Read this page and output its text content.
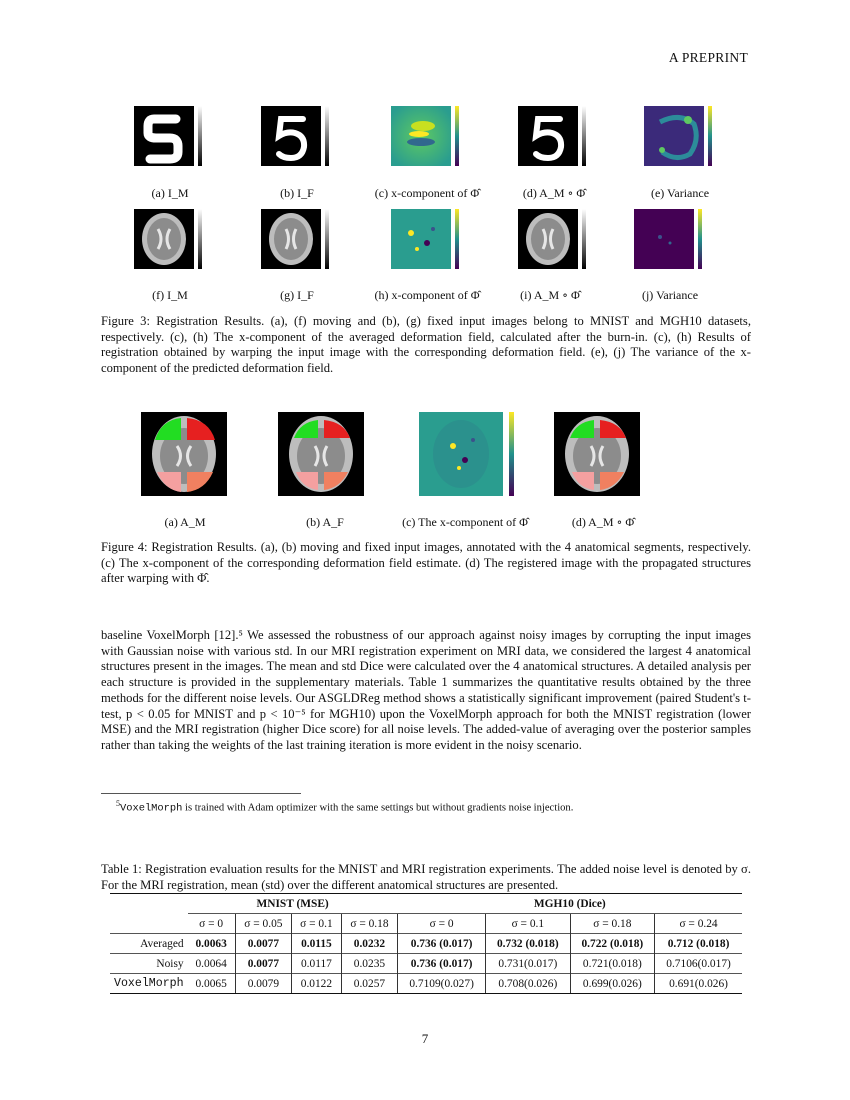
A PREPRINT
(a) I_M	(b) I_F	(c) x-component of Φ̂	(d) A_M ∘ Φ̂	(e) Variance
(f) I_M	(g) I_F	(h) x-component of Φ̂	(i) A_M ∘ Φ̂	(j) Variance
Figure 3: Registration Results. (a), (f) moving and (b), (g) fixed input images belong to MNIST and MGH10 datasets, respectively. (c), (h) The x-component of the averaged deformation field, calculated after the burn-in. (c), (h) Results of registration obtained by warping the input image with the corresponding deformation field. (e), (j) The variance of the x-component of the predicted deformation field.
(a) A_M	(b) A_F	(c) The x-component of Φ̂	(d) A_M ∘ Φ̂
Figure 4: Registration Results. (a), (b) moving and fixed input images, annotated with the 4 anatomical segments, respectively. (c) The x-component of the corresponding deformation field estimate. (d) The registered image with the propagated structures after warping with Φ̂.
baseline VoxelMorph [12].⁵ We assessed the robustness of our approach against noisy images by corrupting the input images with Gaussian noise with various std. In our MRI registration experiment on MRI data, we considered the largest 4 anatomical structures present in the images. The mean and std Dice were calculated over the 4 anatomical structures. A detailed analysis per each structure is provided in the supplementary materials. Table 1 summarizes the quantitative results obtained by the three methods for the different noise levels. Our ASGLDReg method shows a statistically significant improvement (paired Student's t-test, p < 0.05 for MNIST and p < 10⁻⁵ for MGH10) upon the VoxelMorph approach for both the MNIST registration (lower MSE) and the MRI registration (higher Dice score) for all noise levels. The added-value of averaging over the posterior samples rather than taking the weights of the last training iteration is more evident in the noisy scenario.
$^5$VoxelMorph is trained with Adam optimizer with the same settings but without gradients noise injection.
Table 1: Registration evaluation results for the MNIST and MRI registration experiments. The added noise level is denoted by σ. For the MRI registration, mean (std) over the different anatomical structures are presented.
	MNIST (MSE)				MGH10 (Dice)			
	σ = 0	σ = 0.05	σ = 0.1	σ = 0.18	σ = 0	σ = 0.1	σ = 0.18	σ = 0.24
Averaged	0.0063	0.0077	0.0115	0.0232	0.736 (0.017)	0.732 (0.018)	0.722 (0.018)	0.712 (0.018)
Noisy	0.0064	0.0077	0.0117	0.0235	0.736 (0.017)	0.731(0.017)	0.721(0.018)	0.7106(0.017)
VoxelMorph	0.0065	0.0079	0.0122	0.0257	0.7109(0.027)	0.708(0.026)	0.699(0.026)	0.691(0.026)
7
